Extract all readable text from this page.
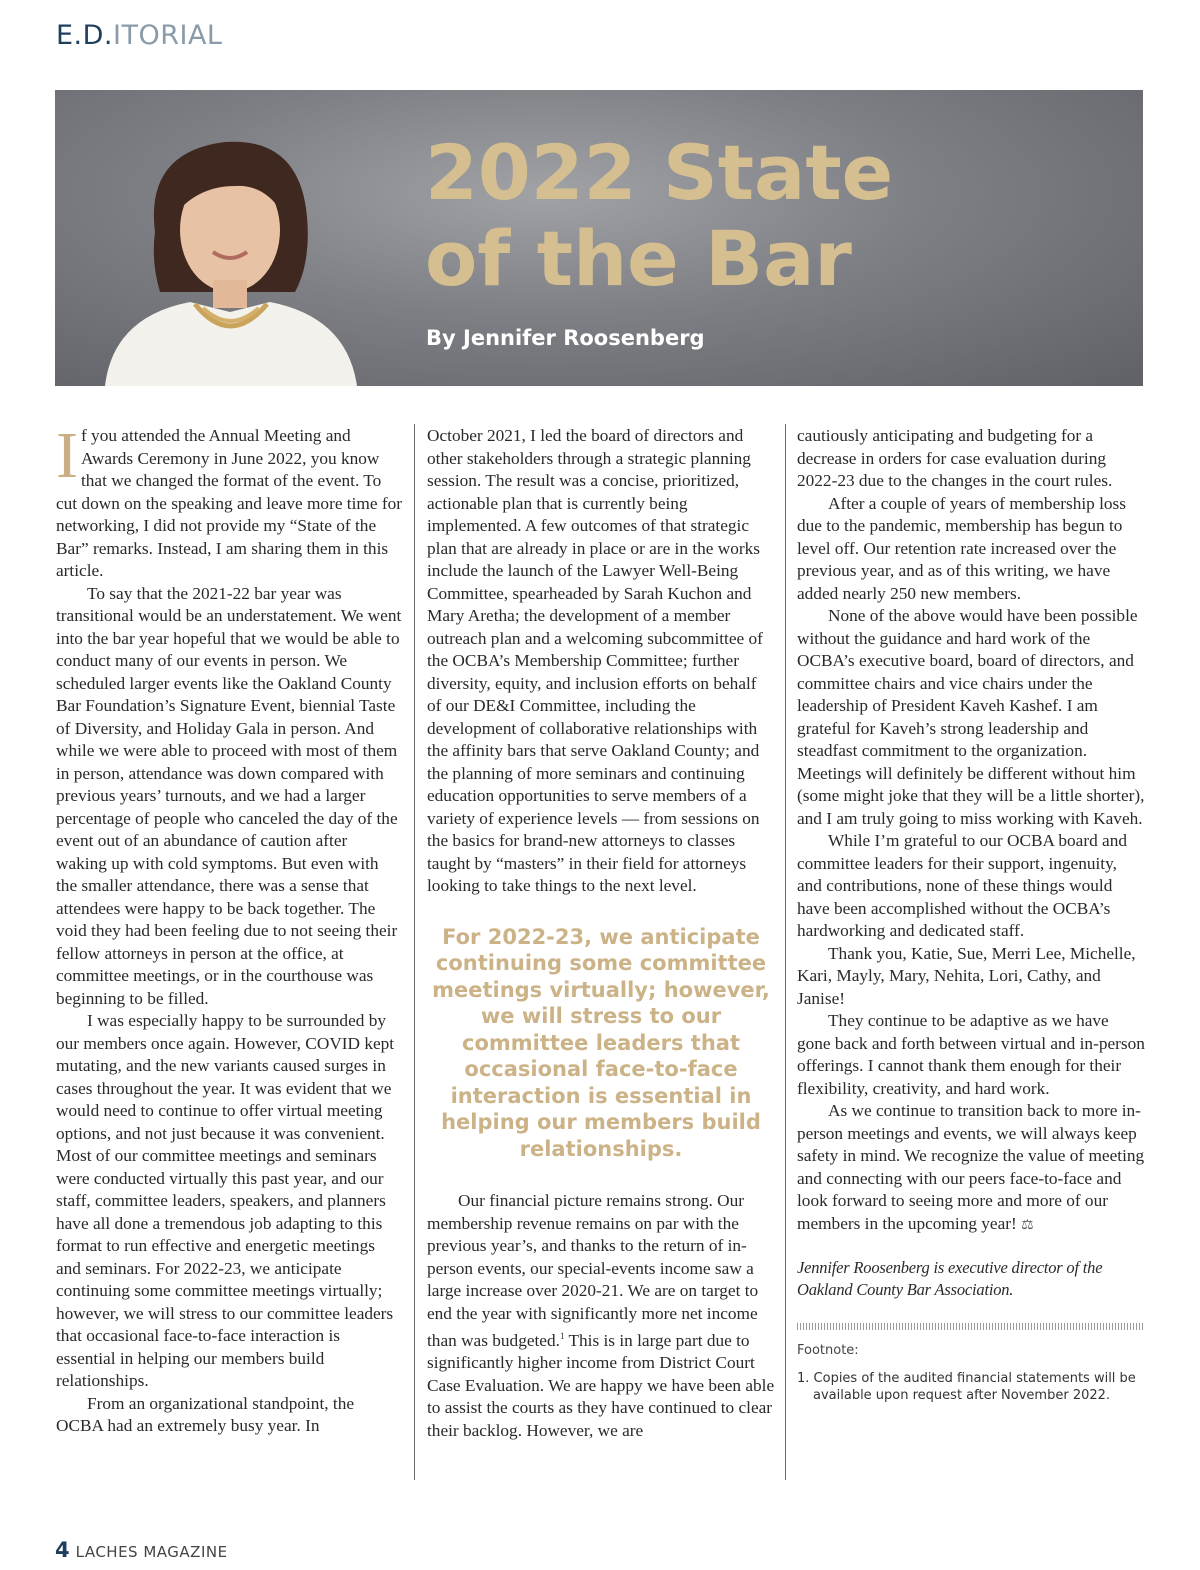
E.D.ITORIAL
2022 State
of the Bar
By Jennifer Roosenberg

If you attended the Annual Meeting and Awards Ceremony in June 2022, you know that we changed the format of the event. To cut down on the speaking and leave more time for networking, I did not provide my “State of the Bar” remarks. Instead, I am sharing them in this article.

To say that the 2021-22 bar year was transitional would be an understatement. We went into the bar year hopeful that we would be able to conduct many of our events in person. We scheduled larger events like the Oakland County Bar Foundation’s Signature Event, biennial Taste of Diversity, and Holiday Gala in person. And while we were able to proceed with most of them in person, attendance was down compared with previous years’ turnouts, and we had a larger percentage of people who canceled the day of the event out of an abundance of caution after waking up with cold symptoms. But even with the smaller attendance, there was a sense that attendees were happy to be back together. The void they had been feeling due to not seeing their fellow attorneys in person at the office, at committee meetings, or in the courthouse was beginning to be filled.

I was especially happy to be surrounded by our members once again. However, COVID kept mutating, and the new variants caused surges in cases throughout the year. It was evident that we would need to continue to offer virtual meeting options, and not just because it was convenient. Most of our committee meetings and seminars were conducted virtually this past year, and our staff, committee leaders, speakers, and planners have all done a tremendous job adapting to this format to run effective and energetic meetings and seminars. For 2022-23, we anticipate continuing some committee meetings virtually; however, we will stress to our committee leaders that occasional face-to-face interaction is essential in helping our members build relationships.

From an organizational standpoint, the OCBA had an extremely busy year. In

October 2021, I led the board of directors and other stakeholders through a strategic planning session. The result was a concise, prioritized, actionable plan that is currently being implemented. A few outcomes of that strategic plan that are already in place or are in the works include the launch of the Lawyer Well-Being Committee, spearheaded by Sarah Kuchon and Mary Aretha; the development of a member outreach plan and a welcoming subcommittee of the OCBA’s Membership Committee; further diversity, equity, and inclusion efforts on behalf of our DE&I Committee, including the development of collaborative relationships with the affinity bars that serve Oakland County; and the planning of more seminars and continuing education opportunities to serve members of a variety of experience levels — from sessions on the basics for brand-new attorneys to classes taught by “masters” in their field for attorneys looking to take things to the next level.

For 2022-23, we anticipate continuing some committee meetings virtually; however, we will stress to our committee leaders that occasional face-to-face interaction is essential in helping our members build relationships.

Our financial picture remains strong. Our membership revenue remains on par with the previous year’s, and thanks to the return of in-person events, our special-events income saw a large increase over 2020-21. We are on target to end the year with significantly more net income than was budgeted.$^1$ This is in large part due to significantly higher income from District Court Case Evaluation. We are happy we have been able to assist the courts as they have continued to clear their backlog. However, we are

cautiously anticipating and budgeting for a decrease in orders for case evaluation during 2022-23 due to the changes in the court rules.

After a couple of years of membership loss due to the pandemic, membership has begun to level off. Our retention rate increased over the previous year, and as of this writing, we have added nearly 250 new members.

None of the above would have been possible without the guidance and hard work of the OCBA’s executive board, board of directors, and committee chairs and vice chairs under the leadership of President Kaveh Kashef. I am grateful for Kaveh’s strong leadership and steadfast commitment to the organization. Meetings will definitely be different without him (some might joke that they will be a little shorter), and I am truly going to miss working with Kaveh.

While I’m grateful to our OCBA board and committee leaders for their support, ingenuity, and contributions, none of these things would have been accomplished without the OCBA’s hardworking and dedicated staff.

Thank you, Katie, Sue, Merri Lee, Michelle, Kari, Mayly, Mary, Nehita, Lori, Cathy, and Janise!

They continue to be adaptive as we have gone back and forth between virtual and in-person offerings. I cannot thank them enough for their flexibility, creativity, and hard work.

As we continue to transition back to more in-person meetings and events, we will always keep safety in mind. We recognize the value of meeting and connecting with our peers face-to-face and look forward to seeing more and more of our members in the upcoming year! ⚖

Jennifer Roosenberg is executive director of the Oakland County Bar Association.

Footnote:

1. Copies of the audited financial statements will be available upon request after November 2022.

4 LACHES MAGAZINE
